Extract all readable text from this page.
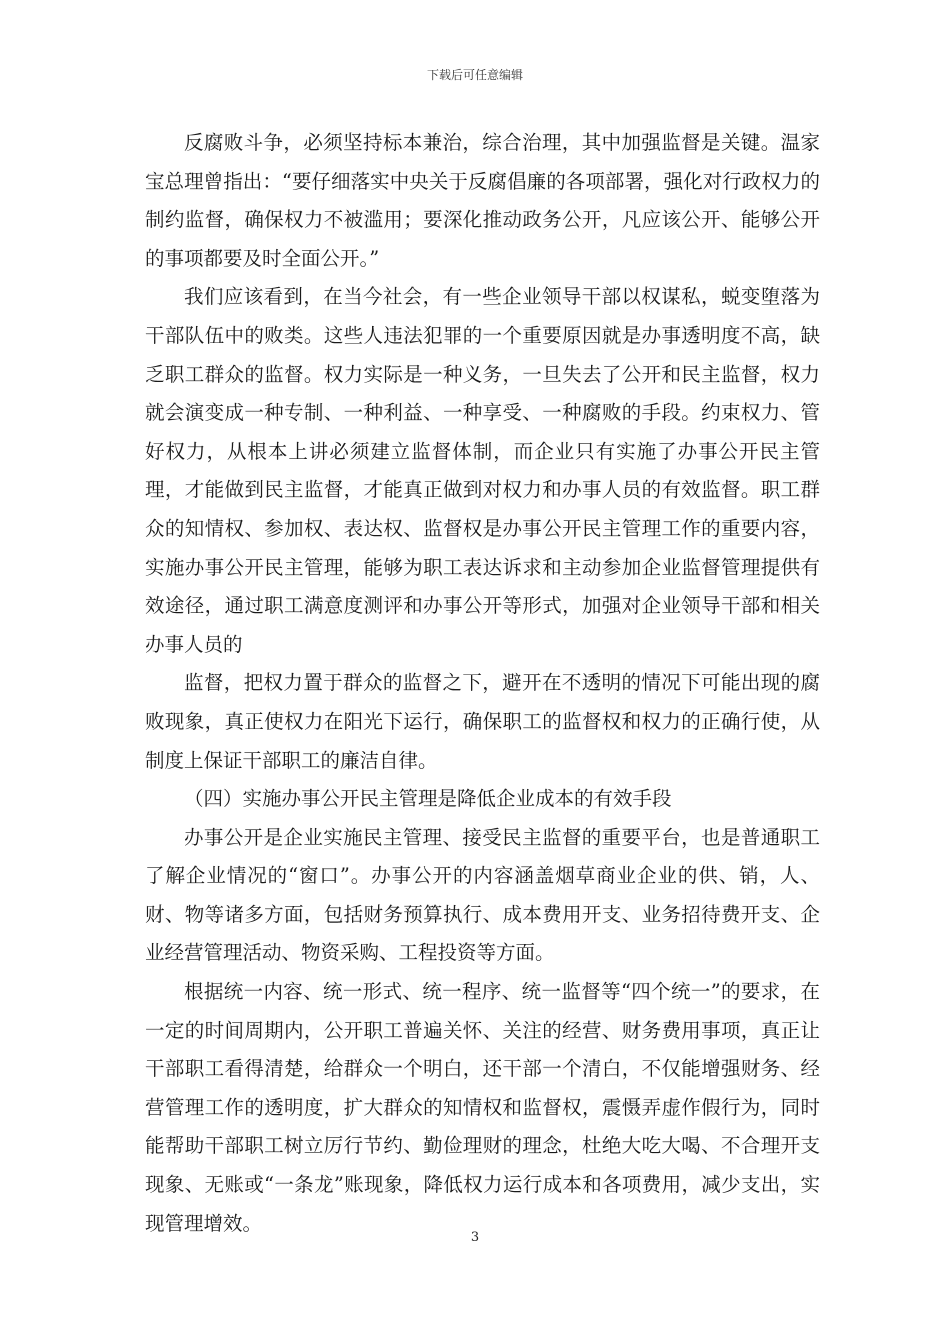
下载后可任意编辑

反腐败斗争，必须坚持标本兼治，综合治理，其中加强监督是关键。温家宝总理曾指出：“要仔细落实中央关于反腐倡廉的各项部署，强化对行政权力的制约监督，确保权力不被滥用；要深化推动政务公开，凡应该公开、能够公开的事项都要及时全面公开。”

我们应该看到，在当今社会，有一些企业领导干部以权谋私，蜕变堕落为干部队伍中的败类。这些人违法犯罪的一个重要原因就是办事透明度不高，缺乏职工群众的监督。权力实际是一种义务，一旦失去了公开和民主监督，权力就会演变成一种专制、一种利益、一种享受、一种腐败的手段。约束权力、管好权力，从根本上讲必须建立监督体制，而企业只有实施了办事公开民主管理，才能做到民主监督，才能真正做到对权力和办事人员的有效监督。职工群众的知情权、参加权、表达权、监督权是办事公开民主管理工作的重要内容，实施办事公开民主管理，能够为职工表达诉求和主动参加企业监督管理提供有效途径，通过职工满意度测评和办事公开等形式，加强对企业领导干部和相关办事人员的

监督，把权力置于群众的监督之下，避开在不透明的情况下可能出现的腐败现象，真正使权力在阳光下运行，确保职工的监督权和权力的正确行使，从制度上保证干部职工的廉洁自律。

（四）实施办事公开民主管理是降低企业成本的有效手段

办事公开是企业实施民主管理、接受民主监督的重要平台，也是普通职工了解企业情况的“窗口”。办事公开的内容涵盖烟草商业企业的供、销，人、财、物等诸多方面，包括财务预算执行、成本费用开支、业务招待费开支、企业经营管理活动、物资采购、工程投资等方面。

根据统一内容、统一形式、统一程序、统一监督等“四个统一”的要求，在一定的时间周期内，公开职工普遍关怀、关注的经营、财务费用事项，真正让干部职工看得清楚，给群众一个明白，还干部一个清白，不仅能增强财务、经营管理工作的透明度，扩大群众的知情权和监督权，震慑弄虚作假行为，同时能帮助干部职工树立厉行节约、勤俭理财的理念，杜绝大吃大喝、不合理开支现象、无账或“一条龙”账现象，降低权力运行成本和各项费用，减少支出，实现管理增效。

3
